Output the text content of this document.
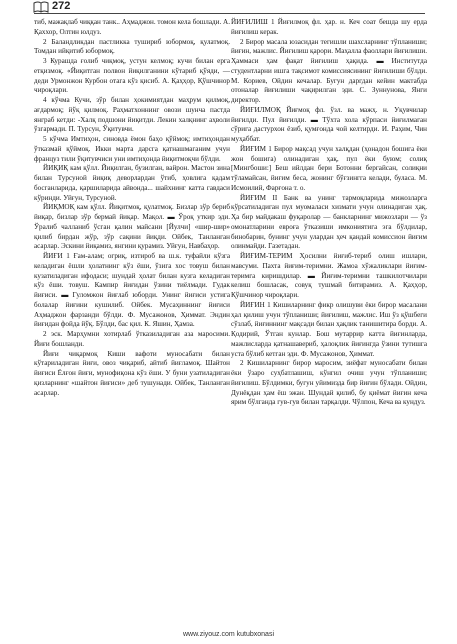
272

тиб, мажақлаб чиққан танк.. Аҳмаджон. томон кела бошлади. А. Қаххор, Олтин юлдуз.

2 Баландликдан пастликка тушириб юбормоқ, қулатмоқ. Томдан ийқитиб юбормоқ.

3 Курашда ғолиб чиқмоқ, устун келмоқ; кучи билан ерга етқизмоқ. «Йиқитган полвон йиқилганини кўтариб қўяди, — деди Урмонжон Курбон отага кўз қисиб. А. Қаҳҳор, Қўшчинор чироқлари.

4 кўчма Кучи, зўр билан ҳокимиятдан маҳрум қилмоқ, ағдармоқ; йўқ қилмоқ. Раҳматхоннинг овози шунча пастда янграб кетди: -Халқ подшони йиқитди. Лекин халқнинг аҳволи ўзгармади. П. Турсун, Ўқитувчи.

5 кўчма Имтиҳон, синовда ёмон баҳо қўймоқ; имтиҳондан ўтказмай қўймоқ. Икки марта дарсга қатнашмаганим учун француз тили ўқитувчиси уни имтиҳонда йиқитмоқчи бўлди.

ЙИҚИҚ кам қўлл. Йиқилган, бузилган, вайрон. Мастон зина билан Турсуной йиқиқ деворлардан ўтиб, ҳовлига қадам босганларида, қаршиларида айвонда... шайхнинг катта гавдаси кўринди. Уйғун, Турсуной.

ЙИҚМОҚ кам қўлл. Йиқитмоқ, қулатмоқ. Бизлар зўр бериб йиқар, бизлар зўр бермай йиқар. Мақол. ▬ Ўроқ уткир эди. Ўралиб чалланиб ўсган қалин майсани [Йулчи] «шир-шир» қилиб бирдан жўр, зўр сақини йиқди. Ойбек, Танланган асарлар. Эскини йиқамиз, янгини қурамиз. Уйғун, Навбаҳор.

ЙИҒИ 1 Ғам-алам; огриқ, изтироб ва ш.к. туфайли кўзга келадиган ёшли ҳолатнинг кўз ёши, ўзига хос товуш билан кузатиладиган ифодаси; шундай ҳолат билан кузга келадиган кўз ёши. товуш. Кампир йиғидан ўзини тиёлмади. Гудак йиғиси. ▬ Гуломжон йиғлаб юборди. Унинг йиғиси устига болалар йиғини кушилиб. Ойбек. Мусаҳиннинг йиғиси Аҳмаджон фарзанди бўлди. Ф. Мусажонов, Ҳиммат. Эндин йиғидан фойда йўқ. Бўлди, бас қил. К. Яшин, Ҳамза.

2 эск. Марҳумни хотирлаб ўтказиладиган аза маросими. Йиғи бошланди.

Йиғи чиқармоқ Киши вафоти муносабати билан кўтариладиган йиғи, овоз чиқариб, айтиб йиғламоқ. Шайтон йиғиси Ёлғон йиғи, мунофиқона кўз ёши. У буни узатиладиган қизларнинг «шайтон йиғиси» деб тушунади. Ойбек, Танланган асарлар.

ЙИҒИЛИШ 1 Йиғилмоқ фл. ҳар. н. Кеч соат бешда шу ерда йиғилиш керак.

2 Бирор масала юзасидан тегишли шахсларнинг тўпланиши; йиғин, мажлис. Йиғилиш қарори. Маҳалла фаоллари йиғилиши. Ҳаммаси ҳам фақат йиғилиш ҳақида. ▬ Институтда студентларни ишга тақсимот комиссиясининг йиғилиши бўлди. М. Кориев, Ойдин кечалар. Бугун даргдан кейин мактабда отоналар йиғилиши чақирилган эди. С. Зуннунова, Янги директор.

ЙИҒИЛМОҚ Йиғмоқ фл. ўзл. ва мажҳ. н. Уқувчилар йиғилди. Пул йиғилди. ▬ Тўхта хола кўрпаси йиғилмаган сўрига дастурхон ёзиб, қумғонда чой келтирди. И. Раҳим, Чин муҳаббат.

ЙИҒИМ 1 Бирор мақсад учун халқдан (ҳонадон бошига ёки жон бошига) олинадиган ҳақ, пул ёки буюм; солиқ [Мингбоши:] Беш ийлдан бери Ботонни бергайсан, солиқни тўламайсан, йиғим беса, жонинг бўғзингга келади, буласа. М. Исмоилий, Фарғона т. о.

ЙИҒИМ II Банк ва унинг тармоқларида мижозларга кўрсатиладиган пул муомаласи хизмати учун олинадиган ҳақ. Ҳа бир майдакаш фуқаролар — банкларнинг мижозлари — ўз омонатларини евроға ўтказиши имкониятига эга бўлдилар, бинобарин, бунинг учун улардан ҳеч қандай комиссион йиғим олинмайди. Газетадан.

ЙИҒИМ-ТЕРИМ Ҳосилни йиғиб-териб олиш ишлари, мавсуми. Пахта йиғим-теримни. Жамоа хўжаликлари йиғим-теримга киришдилар. ▬ Йиғим-теримни ташкилотчилари келиш бошласак, совуқ тушмай битирамиз. А. Қаҳҳор, Қўшчинор чироқлари.

ЙИҒИН 1 Кишиларнинг фикр олишуви ёки бирор масалани ҳал қилиш учун тўпланиши; йиғилиш, мажлис. Иш ўз қўшбеги сўзлаб, йиғиннинг мақсади билан ҳақлик танишитира борди. А. Қодирий, Ўтган кунлар. Бош мутаррир катта йиғинларда, мажлисларда қатнашавериб, ҳалоқлик йиғингда ўзини тутишга устa бўлиб кетган эди. Ф. Мусажонов, Ҳиммат.

2 Кишиларнинг бирор маросим, зиёфат муносабати билан ёки ўзаро суҳбатлашиш, кўнгил очиш учун тўпланиши; йиғилиш. Бўлдимки, бугун уйимизда бир йиғин бўлади. Ойдин, Дунёқдан ҳам ёш эжан. Шундай қилиб, бу қиёмат йиғин кеча ярим бўлганда гув-гув билан тарқалди. Чўлпон, Кеча ва кундуз.

www.ziyouz.com kutubxonasi
